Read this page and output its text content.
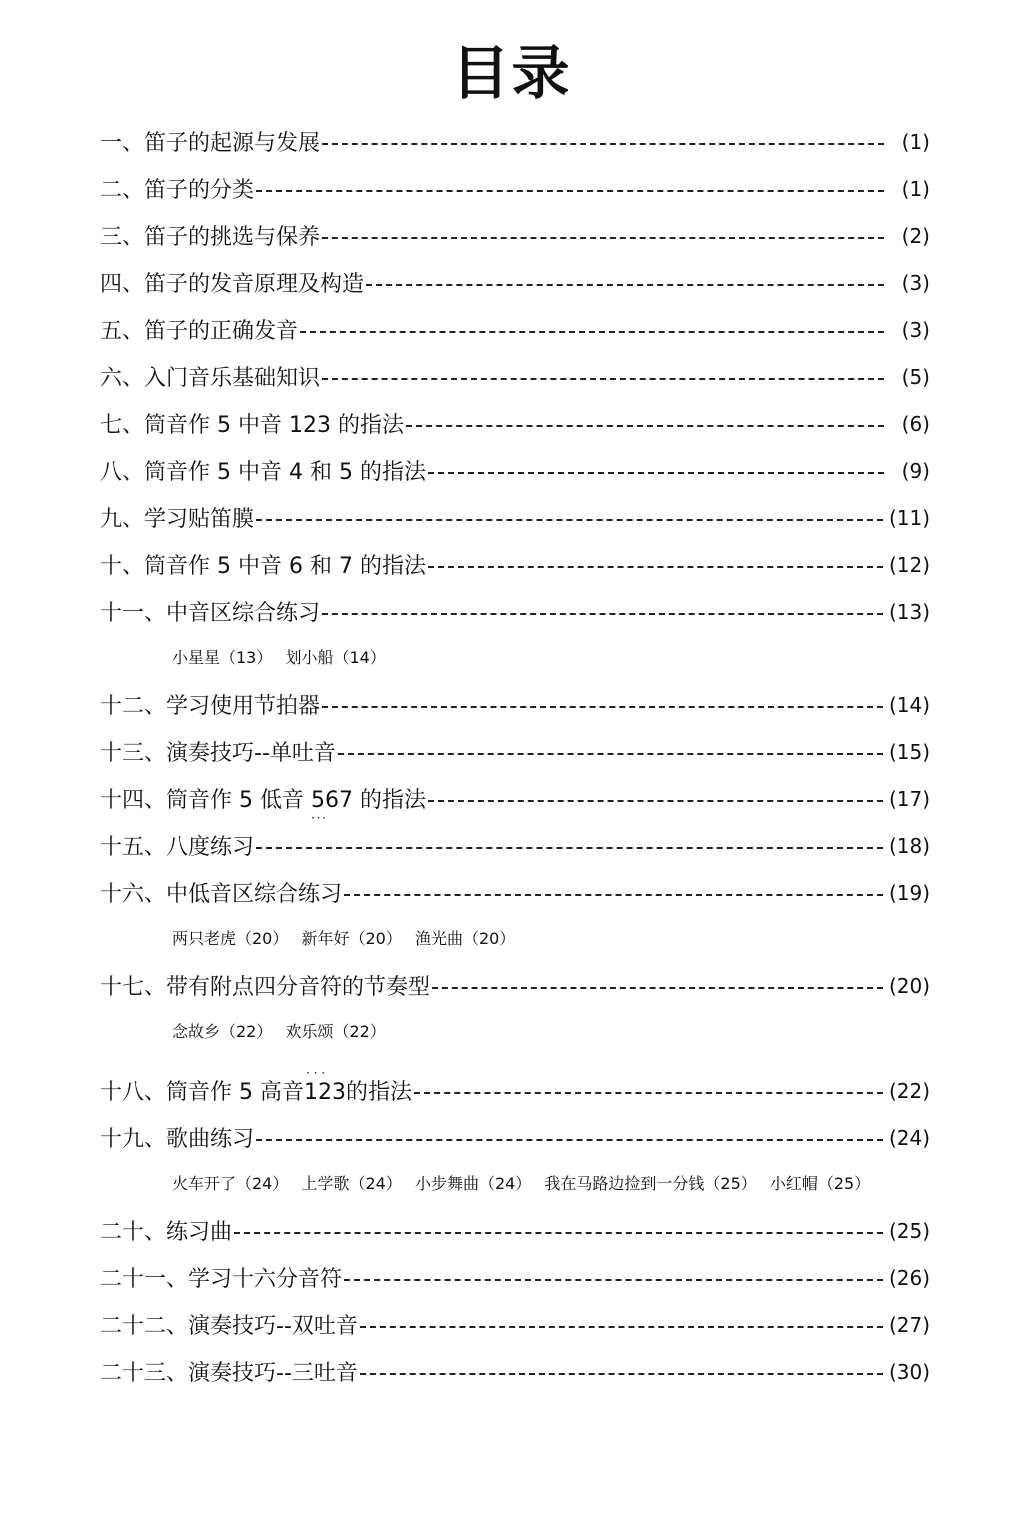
目录
一、笛子的起源与发展	(1)
二、笛子的分类	(1)
三、笛子的挑选与保养	(2)
四、笛子的发音原理及构造	(3)
五、笛子的正确发音	(3)
六、入门音乐基础知识	(5)
七、筒音作 5 中音 123 的指法	(6)
八、筒音作 5 中音 4 和 5 的指法	(9)
九、学习贴笛膜	(11)
十、筒音作 5 中音 6 和 7 的指法	(12)
十一、中音区综合练习	(13)
小星星（13） 划小船（14）
十二、学习使用节拍器	(14)
十三、演奏技巧--单吐音	(15)
十四、筒音作 5 低音 567 · · · 的指法	(17)
十五、八度练习	(18)
十六、中低音区综合练习	(19)
两只老虎（20） 新年好（20） 渔光曲（20）
十七、带有附点四分音符的节奏型	(20)
念故乡（22） 欢乐颂（22）
十八、筒音作 5 高音· · · 123的指法	(22)
十九、歌曲练习	(24)
火车开了（24） 上学歌（24） 小步舞曲（24） 我在马路边捡到一分钱（25） 小红帽（25）
二十、练习曲	(25)
二十一、学习十六分音符	(26)
二十二、演奏技巧--双吐音	(27)
二十三、演奏技巧--三吐音	(30)
